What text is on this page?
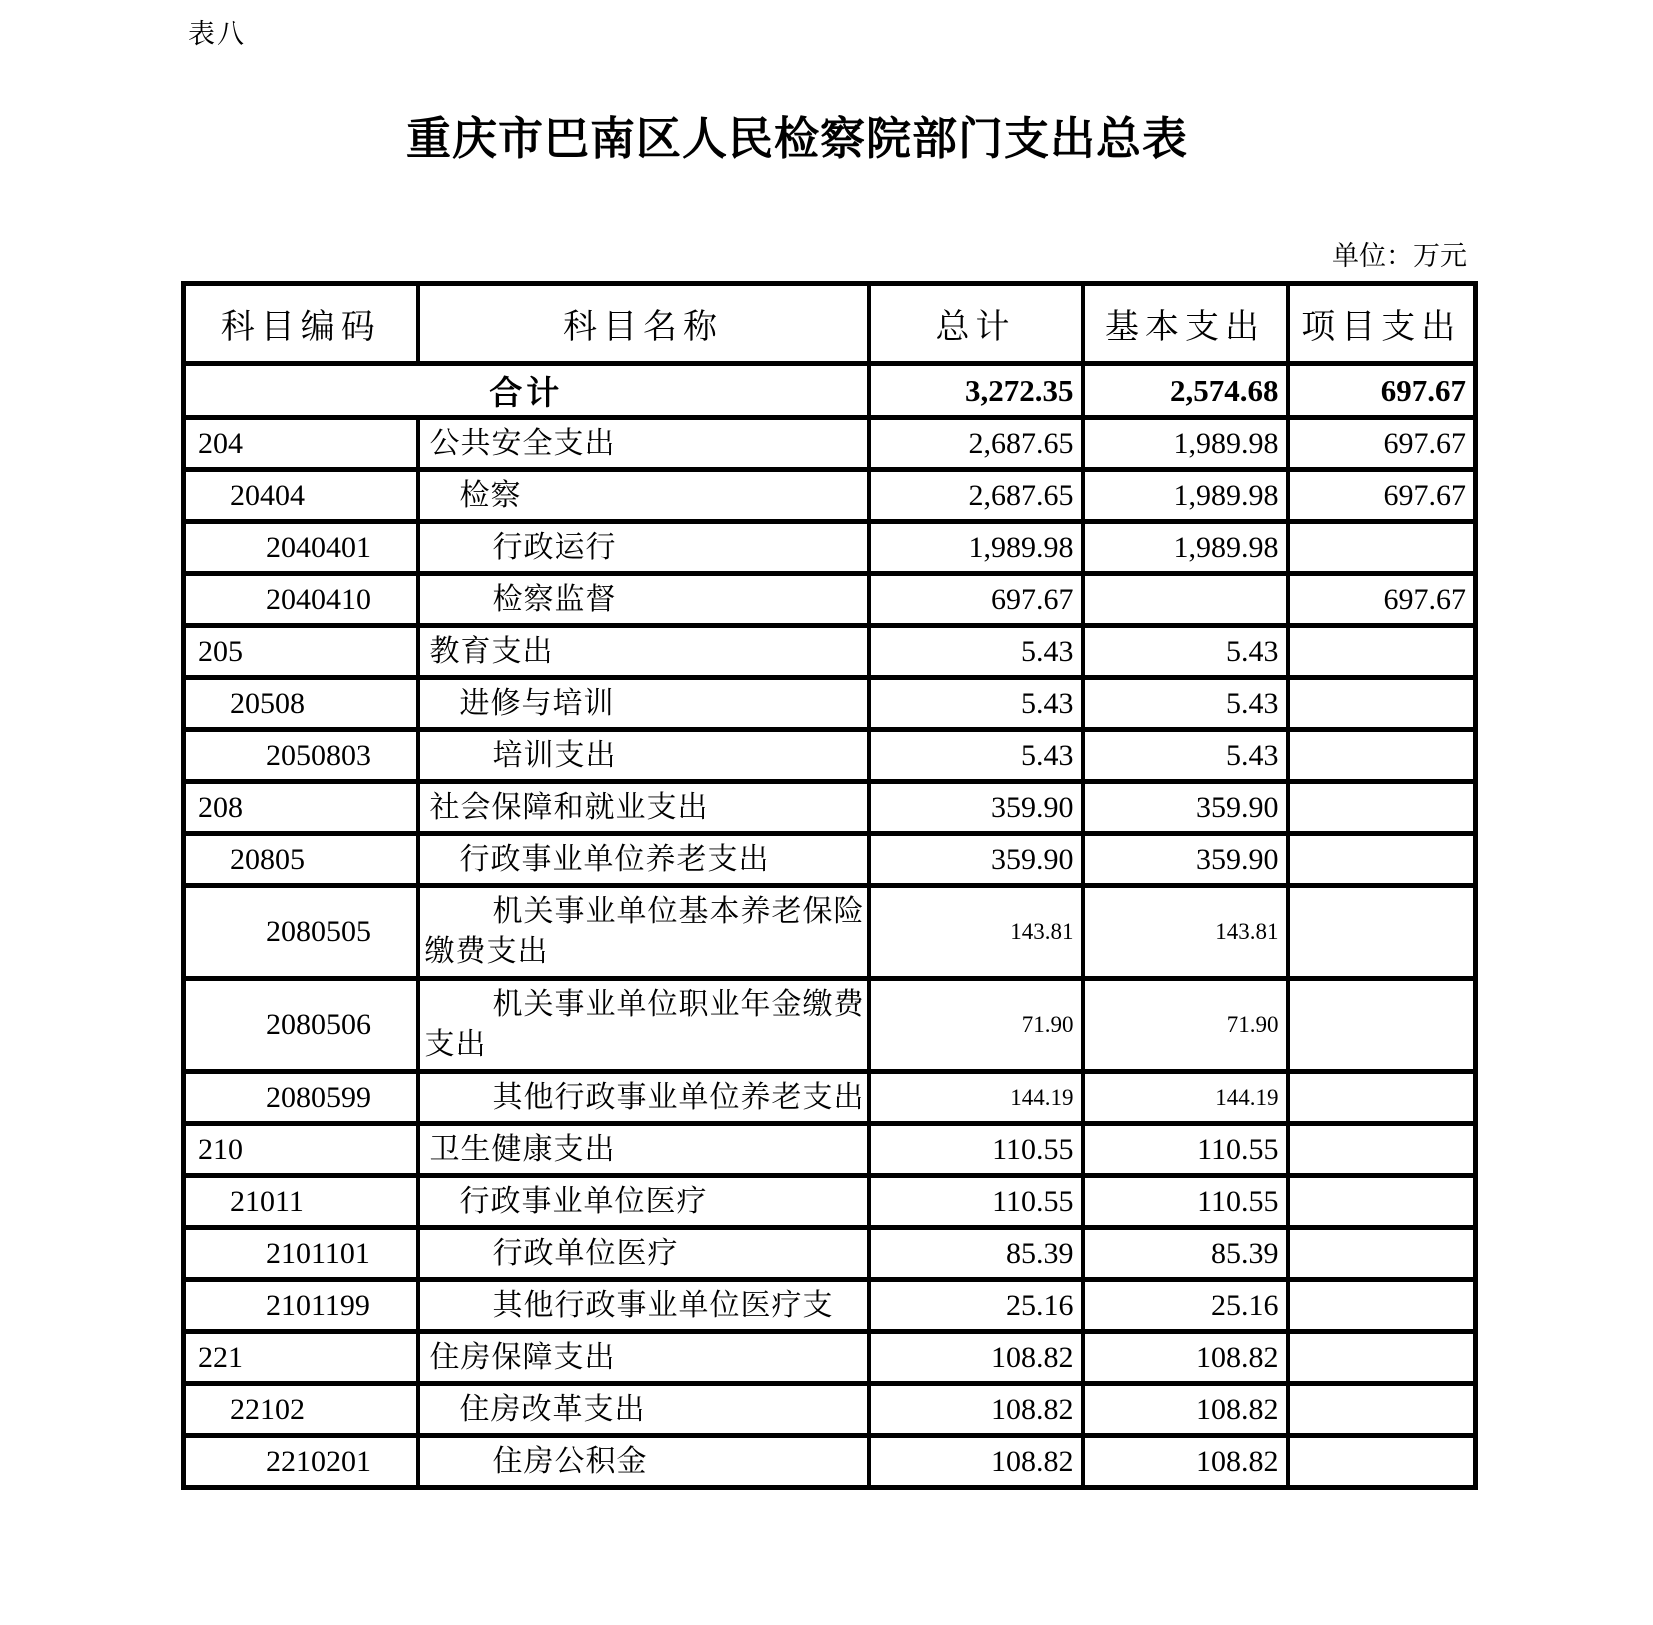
表八
重庆市巴南区人民检察院部门支出总表
单位：万元
科目编码	科目名称	总计	基本支出	项目支出
合计		3,272.35	2,574.68	697.67
204	公共安全支出	2,687.65	1,989.98	697.67
20404	检察	2,687.65	1,989.98	697.67
2040401	行政运行	1,989.98	1,989.98	
2040410	检察监督	697.67		697.67
205	教育支出	5.43	5.43	
20508	进修与培训	5.43	5.43	
2050803	培训支出	5.43	5.43	
208	社会保障和就业支出	359.90	359.90	
20805	行政事业单位养老支出	359.90	359.90	
2080505	机关事业单位基本养老保险缴费支出	143.81	143.81	
2080506	机关事业单位职业年金缴费支出	71.90	71.90	
2080599	其他行政事业单位养老支出	144.19	144.19	
210	卫生健康支出	110.55	110.55	
21011	行政事业单位医疗	110.55	110.55	
2101101	行政单位医疗	85.39	85.39	
2101199	其他行政事业单位医疗支	25.16	25.16	
221	住房保障支出	108.82	108.82	
22102	住房改革支出	108.82	108.82	
2210201	住房公积金	108.82	108.82	
